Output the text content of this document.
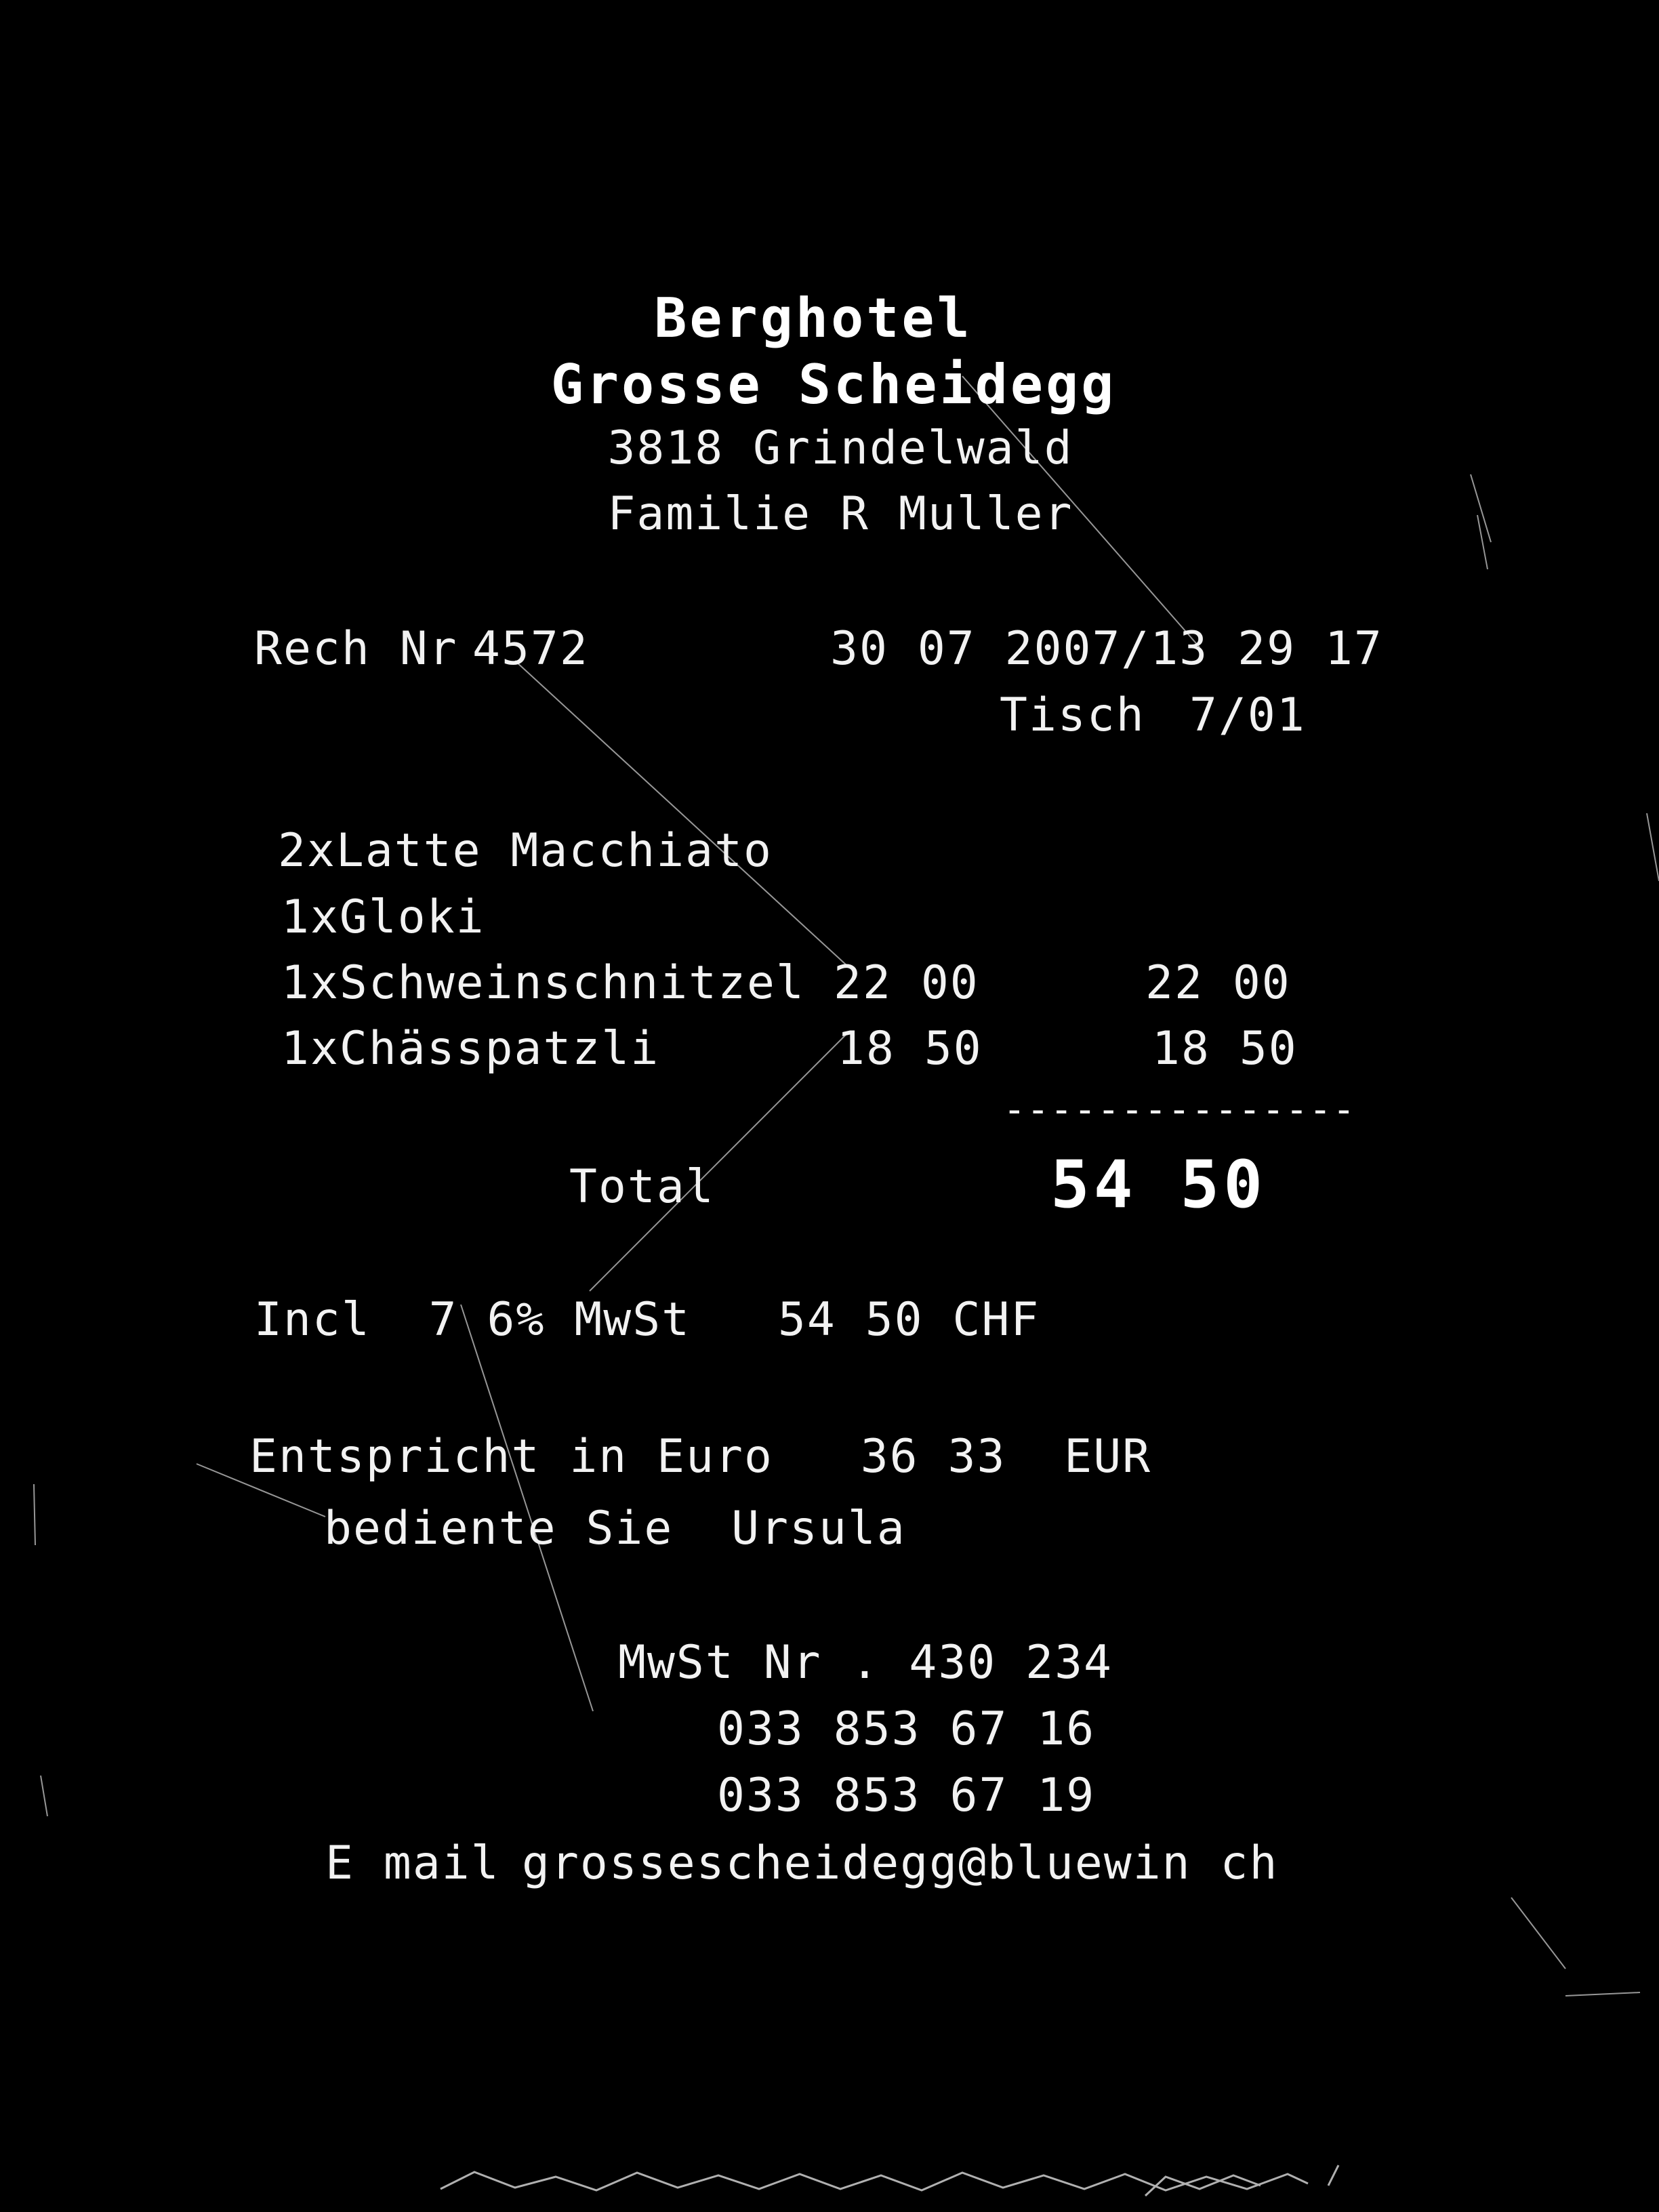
Berghotel
Grosse Scheidegg
3818 Grindelwald
Familie R Muller
Rech Nr 4572	30 07 2007/13 29 17
Tisch 7/01
2xLatte Macchiato
1xGloki
1xSchweinschnitzel 22 00	22 00
1xChässpatzli	18 50	18 50
---------------
Total	54 50
Incl  7 6% MwSt   54 50 CHF
Entspricht in Euro   36 33  EUR
bediente Sie  Ursula
MwSt Nr . 430 234
033 853 67 16
033 853 67 19
E mail grossescheidegg@bluewin ch
